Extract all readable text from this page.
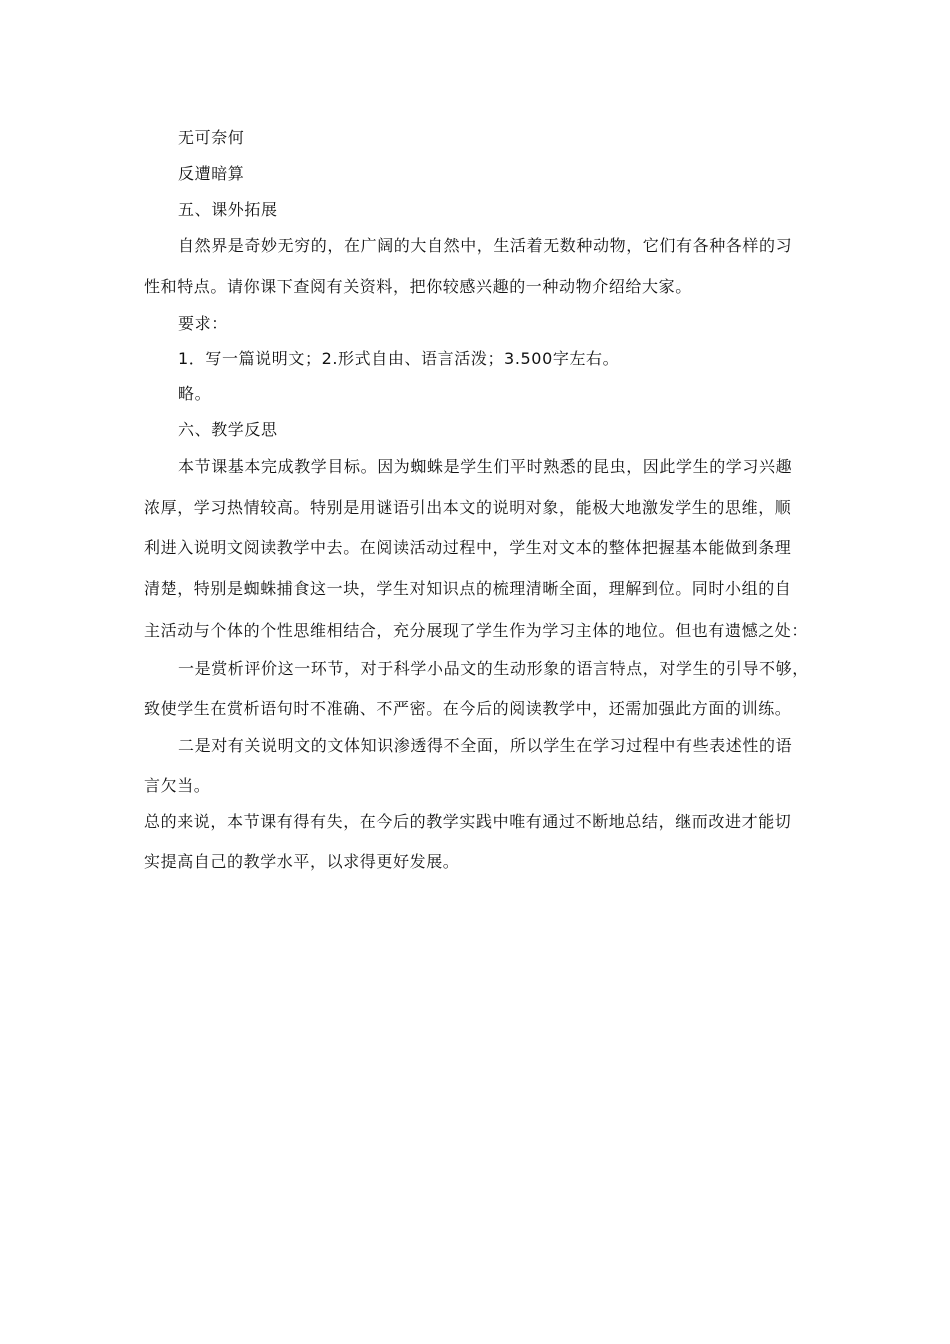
无可奈何
反遭暗算
五、课外拓展
自然界是奇妙无穷的，在广阔的大自然中，生活着无数种动物，它们有各种各样的习
性和特点。请你课下查阅有关资料，把你较感兴趣的一种动物介绍给大家。
要求：
1．写一篇说明文；2.形式自由、语言活泼；3.500字左右。
略。
六、教学反思
本节课基本完成教学目标。因为蜘蛛是学生们平时熟悉的昆虫，因此学生的学习兴趣
浓厚，学习热情较高。特别是用谜语引出本文的说明对象，能极大地激发学生的思维，顺
利进入说明文阅读教学中去。在阅读活动过程中，学生对文本的整体把握基本能做到条理
清楚，特别是蜘蛛捕食这一块，学生对知识点的梳理清晰全面，理解到位。同时小组的自
主活动与个体的个性思维相结合，充分展现了学生作为学习主体的地位。但也有遗憾之处：
一是赏析评价这一环节，对于科学小品文的生动形象的语言特点，对学生的引导不够，
致使学生在赏析语句时不准确、不严密。在今后的阅读教学中，还需加强此方面的训练。
二是对有关说明文的文体知识渗透得不全面，所以学生在学习过程中有些表述性的语
言欠当。
总的来说，本节课有得有失，在今后的教学实践中唯有通过不断地总结，继而改进才能切
实提高自己的教学水平，以求得更好发展。
